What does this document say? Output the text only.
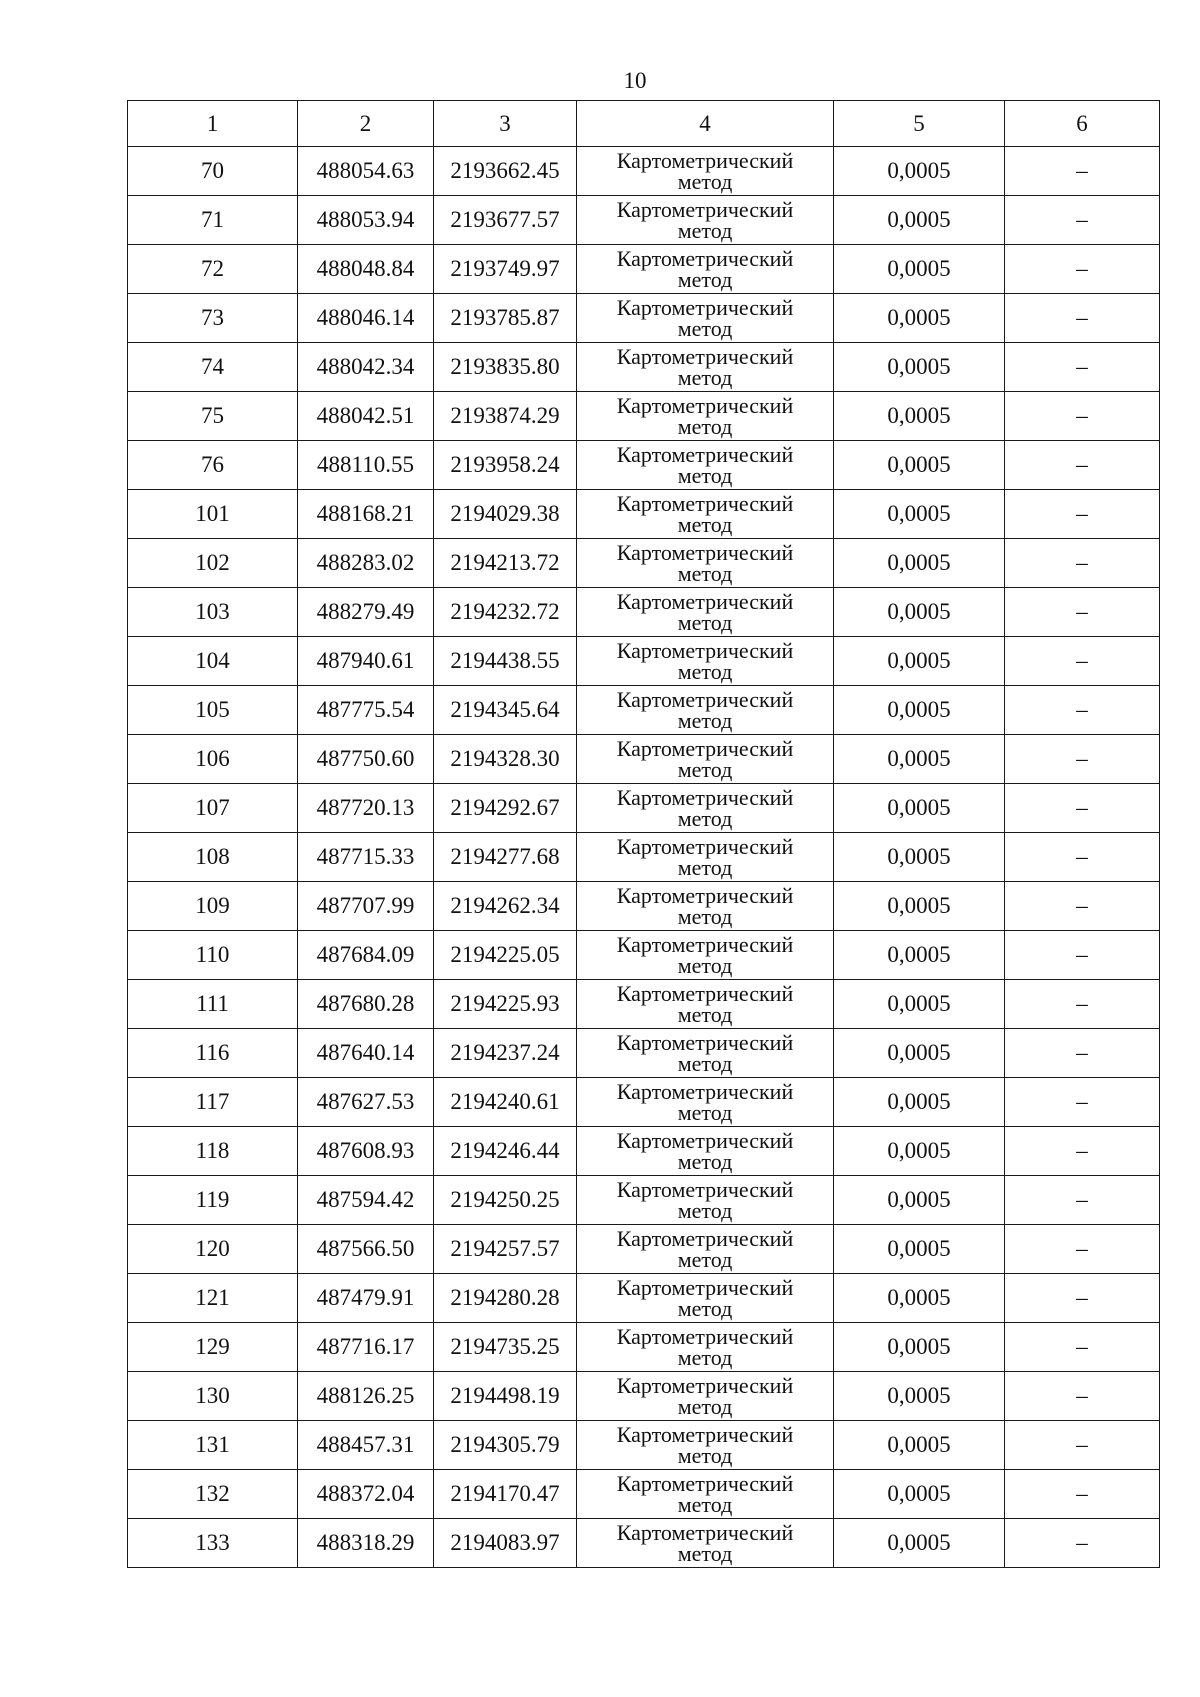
10
1	2	3	4	5	6
70	488054.63	2193662.45	Картометрический
метод	0,0005	–
71	488053.94	2193677.57	Картометрический
метод	0,0005	–
72	488048.84	2193749.97	Картометрический
метод	0,0005	–
73	488046.14	2193785.87	Картометрический
метод	0,0005	–
74	488042.34	2193835.80	Картометрический
метод	0,0005	–
75	488042.51	2193874.29	Картометрический
метод	0,0005	–
76	488110.55	2193958.24	Картометрический
метод	0,0005	–
101	488168.21	2194029.38	Картометрический
метод	0,0005	–
102	488283.02	2194213.72	Картометрический
метод	0,0005	–
103	488279.49	2194232.72	Картометрический
метод	0,0005	–
104	487940.61	2194438.55	Картометрический
метод	0,0005	–
105	487775.54	2194345.64	Картометрический
метод	0,0005	–
106	487750.60	2194328.30	Картометрический
метод	0,0005	–
107	487720.13	2194292.67	Картометрический
метод	0,0005	–
108	487715.33	2194277.68	Картометрический
метод	0,0005	–
109	487707.99	2194262.34	Картометрический
метод	0,0005	–
110	487684.09	2194225.05	Картометрический
метод	0,0005	–
111	487680.28	2194225.93	Картометрический
метод	0,0005	–
116	487640.14	2194237.24	Картометрический
метод	0,0005	–
117	487627.53	2194240.61	Картометрический
метод	0,0005	–
118	487608.93	2194246.44	Картометрический
метод	0,0005	–
119	487594.42	2194250.25	Картометрический
метод	0,0005	–
120	487566.50	2194257.57	Картометрический
метод	0,0005	–
121	487479.91	2194280.28	Картометрический
метод	0,0005	–
129	487716.17	2194735.25	Картометрический
метод	0,0005	–
130	488126.25	2194498.19	Картометрический
метод	0,0005	–
131	488457.31	2194305.79	Картометрический
метод	0,0005	–
132	488372.04	2194170.47	Картометрический
метод	0,0005	–
133	488318.29	2194083.97	Картометрический
метод	0,0005	–
